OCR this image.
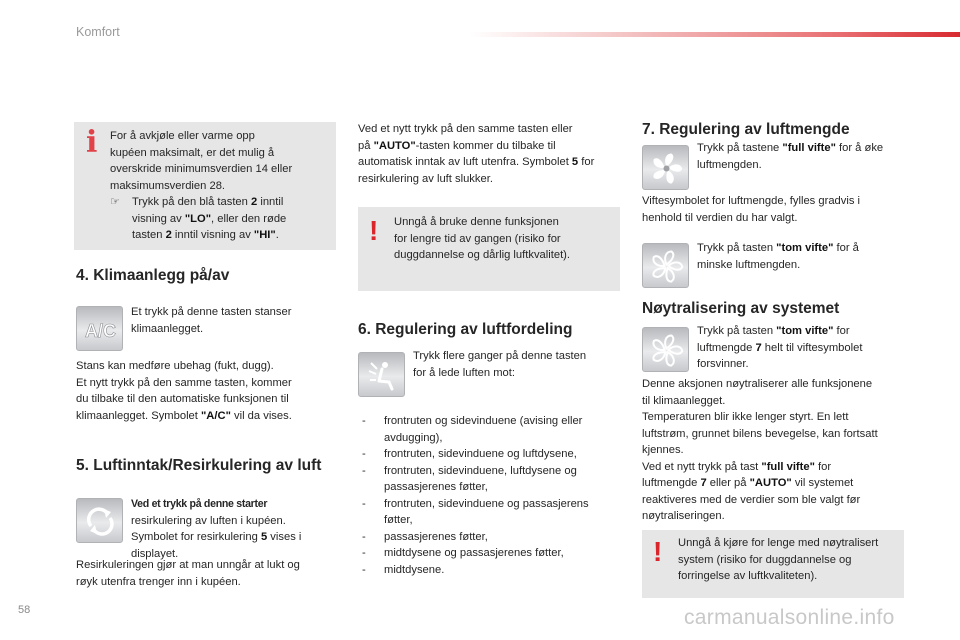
Komfort
i For å avkjøle eller varme opp
kupéen maksimalt, er det mulig å
overskride minimumsverdien 14 eller
maksimumsverdien 28.
☞ Trykk på den blå tasten 2 inntil
visning av "LO", eller den røde
tasten 2 inntil visning av "HI".
4. Klimaanlegg på/av
A/C
Et trykk på denne tasten stanser
klimaanlegget.
Stans kan medføre ubehag (fukt, dugg).
Et nytt trykk på den samme tasten, kommer
du tilbake til den automatiske funksjonen til
klimaanlegget. Symbolet "A/C" vil da vises.
5. Luftinntak/Resirkulering av luft
Ved et trykk på denne starter
resirkulering av luften i kupéen.
Symbolet for resirkulering 5 vises i
displayet.
Resirkuleringen gjør at man unngår at lukt og
røyk utenfra trenger inn i kupéen.
Ved et nytt trykk på den samme tasten eller
på "AUTO"-tasten kommer du tilbake til
automatisk inntak av luft utenfra. Symbolet 5 for
resirkulering av luft slukker.
! Unngå å bruke denne funksjonen
for lengre tid av gangen (risiko for
duggdannelse og dårlig luftkvalitet).
6. Regulering av luftfordeling
Trykk flere ganger på denne tasten
for å lede luften mot:
- frontruten og sidevinduene (avising eller
avdugging),
- frontruten, sidevinduene og luftdysene,
- frontruten, sidevinduene, luftdysene og
passasjerenes føtter,
- frontruten, sidevinduene og passasjerens
føtter,
- passasjerenes føtter,
- midtdysene og passasjerenes føtter,
- midtdysene.
7. Regulering av luftmengde
Trykk på tastene "full vifte" for å øke
luftmengden.
Viftesymbolet for luftmengde, fylles gradvis i
henhold til verdien du har valgt.
Trykk på tasten "tom vifte" for å
minske luftmengden.
Nøytralisering av systemet
Trykk på tasten "tom vifte" for
luftmengde 7 helt til viftesymbolet
forsvinner.
Denne aksjonen nøytraliserer alle funksjonene
til klimaanlegget.
Temperaturen blir ikke lenger styrt. En lett
luftstrøm, grunnet bilens bevegelse, kan fortsatt
kjennes.
Ved et nytt trykk på tast "full vifte" for
luftmengde 7 eller på "AUTO" vil systemet
reaktiveres med de verdier som ble valgt før
nøytraliseringen.
! Unngå å kjøre for lenge med nøytralisert
system (risiko for duggdannelse og
forringelse av luftkvaliteten).
58	carmanualsonline.info
